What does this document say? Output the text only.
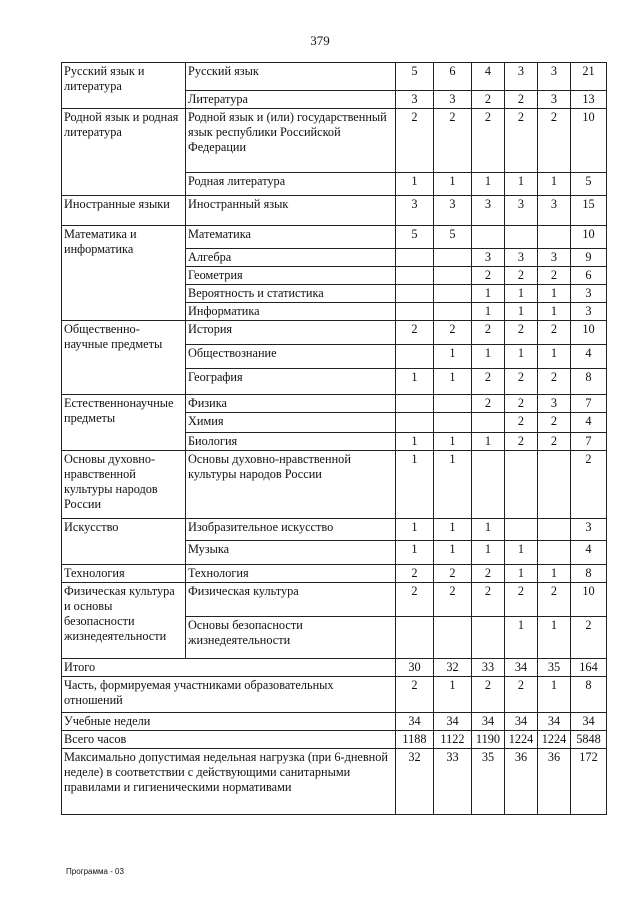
379
Русский язык и литература	Русский язык	5	6	4	3	3	21
	Литература	3	3	2	2	3	13
Родной язык и родная литература	Родной язык и (или) государственный язык республики Российской Федерации	2	2	2	2	2	10
	Родная литература	1	1	1	1	1	5
Иностранные языки	Иностранный язык	3	3	3	3	3	15
Математика и информатика	Математика	5	5				10
	Алгебра			3	3	3	9
	Геометрия			2	2	2	6
	Вероятность и статистика			1	1	1	3
	Информатика			1	1	1	3
Общественно-научные предметы	История	2	2	2	2	2	10
	Обществознание		1	1	1	1	4
	География	1	1	2	2	2	8
Естественнонаучные предметы	Физика			2	2	3	7
	Химия				2	2	4
	Биология	1	1	1	2	2	7
Основы духовно-нравственной культуры народов России	Основы духовно-нравственной культуры народов России	1	1				2
Искусство	Изобразительное искусство	1	1	1			3
	Музыка	1	1	1	1		4
Технология	Технология	2	2	2	1	1	8
Физическая культура и основы безопасности жизнедеятельности	Физическая культура	2	2	2	2	2	10
	Основы безопасности жизнедеятельности				1	1	2
Итого		30	32	33	34	35	164
Часть, формируемая участниками образовательных отношений		2	1	2	2	1	8
Учебные недели		34	34	34	34	34	34
Всего часов		1188	1122	1190	1224	1224	5848
Максимально допустимая недельная нагрузка (при 6-дневной неделе) в соответствии с действующими санитарными правилами и гигиеническими нормативами		32	33	35	36	36	172
Программа - 03
